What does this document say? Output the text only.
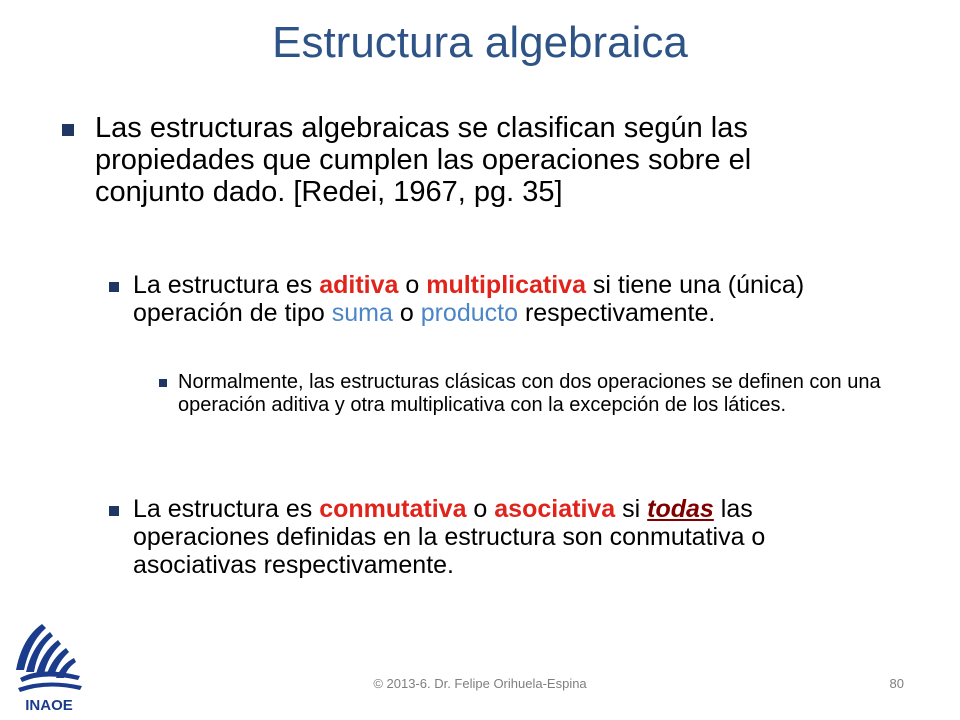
Estructura algebraica
Las estructuras algebraicas se clasifican según las propiedades que cumplen las operaciones sobre el conjunto dado. [Redei, 1967, pg. 35]
La estructura es aditiva o multiplicativa si tiene una (única) operación de tipo suma o producto respectivamente.
Normalmente, las estructuras clásicas con dos operaciones se definen con una operación aditiva y otra multiplicativa con la excepción de los látices.
La estructura es conmutativa o asociativa si todas las operaciones definidas en la estructura son conmutativa o asociativas respectivamente.
INAOE
© 2013-6. Dr. Felipe Orihuela-Espina	80
